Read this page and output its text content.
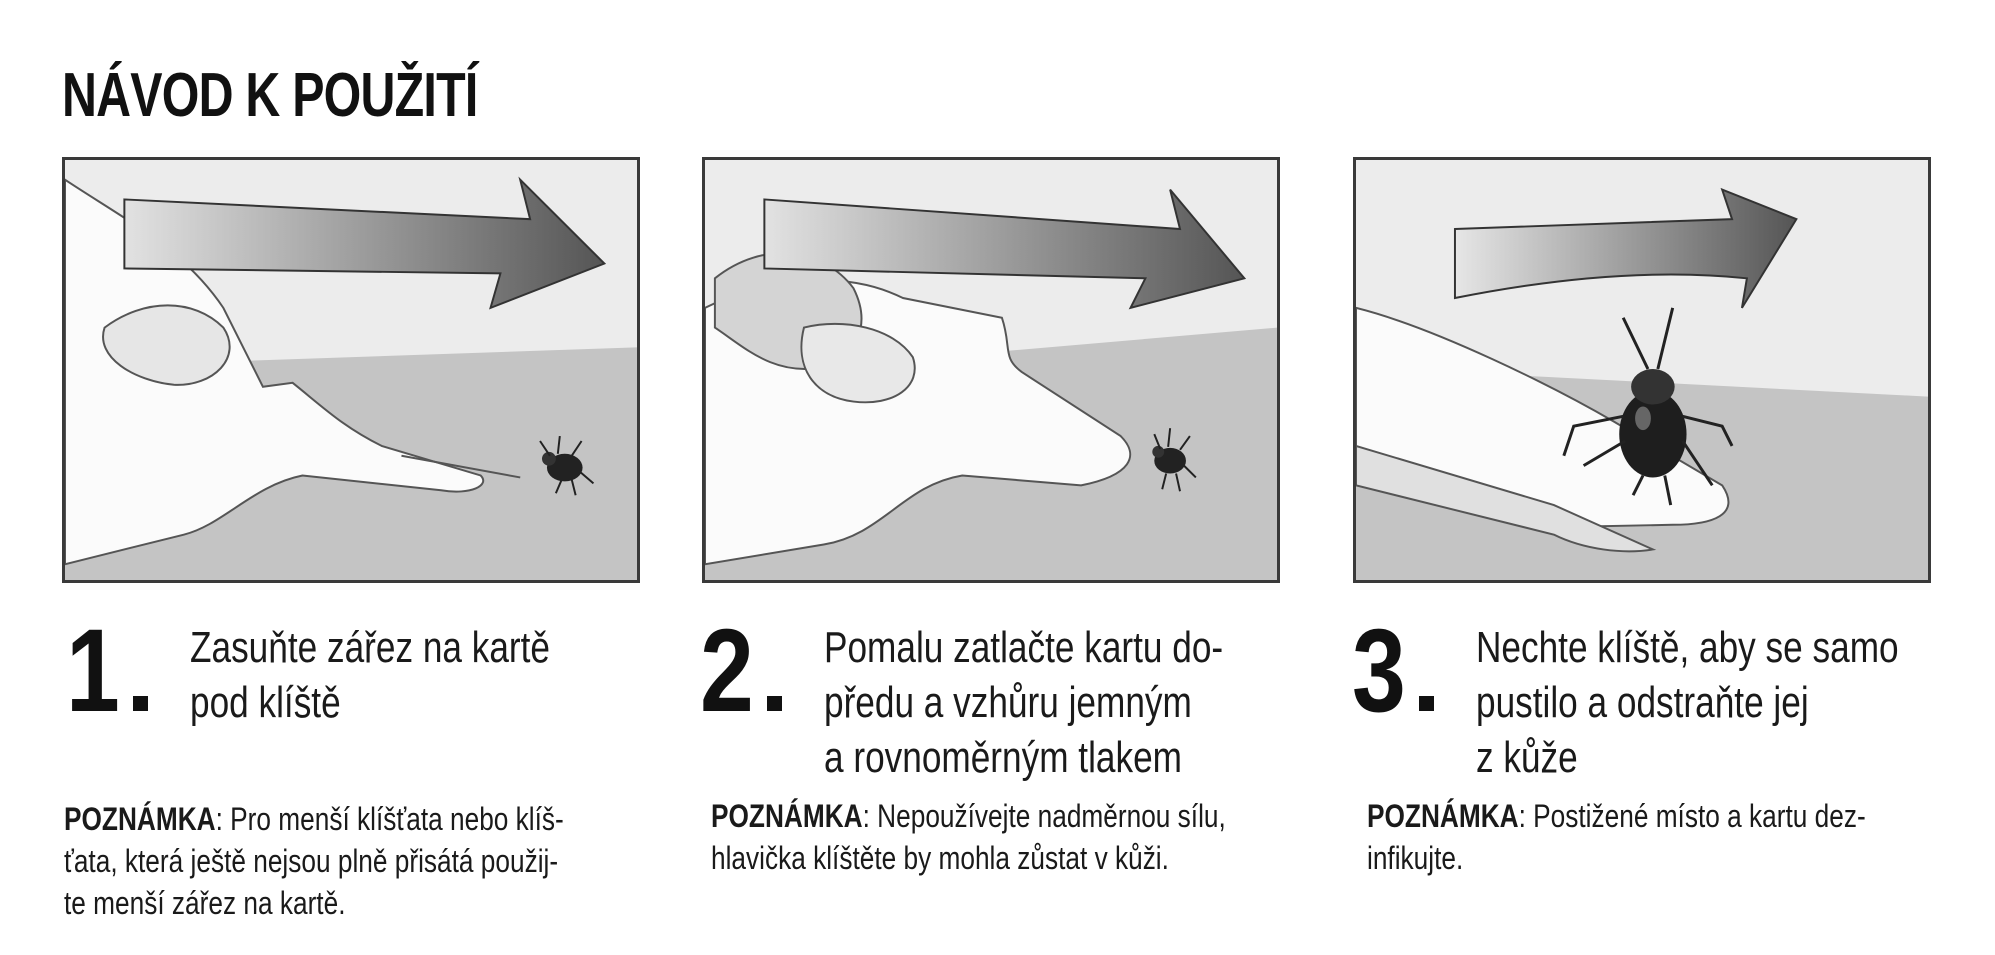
NÁVOD K POUŽITÍ
1 Zasuňte zářez na kartě
pod klíště
POZNÁMKA: Pro menší klíšťata nebo klíš-
ťata, která ještě nejsou plně přisátá použij-
te menší zářez na kartě.
2 Pomalu zatlačte kartu do-
předu a vzhůru jemným
a rovnoměrným tlakem
POZNÁMKA: Nepoužívejte nadměrnou sílu,
hlavička klíštěte by mohla zůstat v kůži.
3 Nechte klíště, aby se samo
pustilo a odstraňte jej
z kůže
POZNÁMKA: Postižené místo a kartu dez-
infikujte.
